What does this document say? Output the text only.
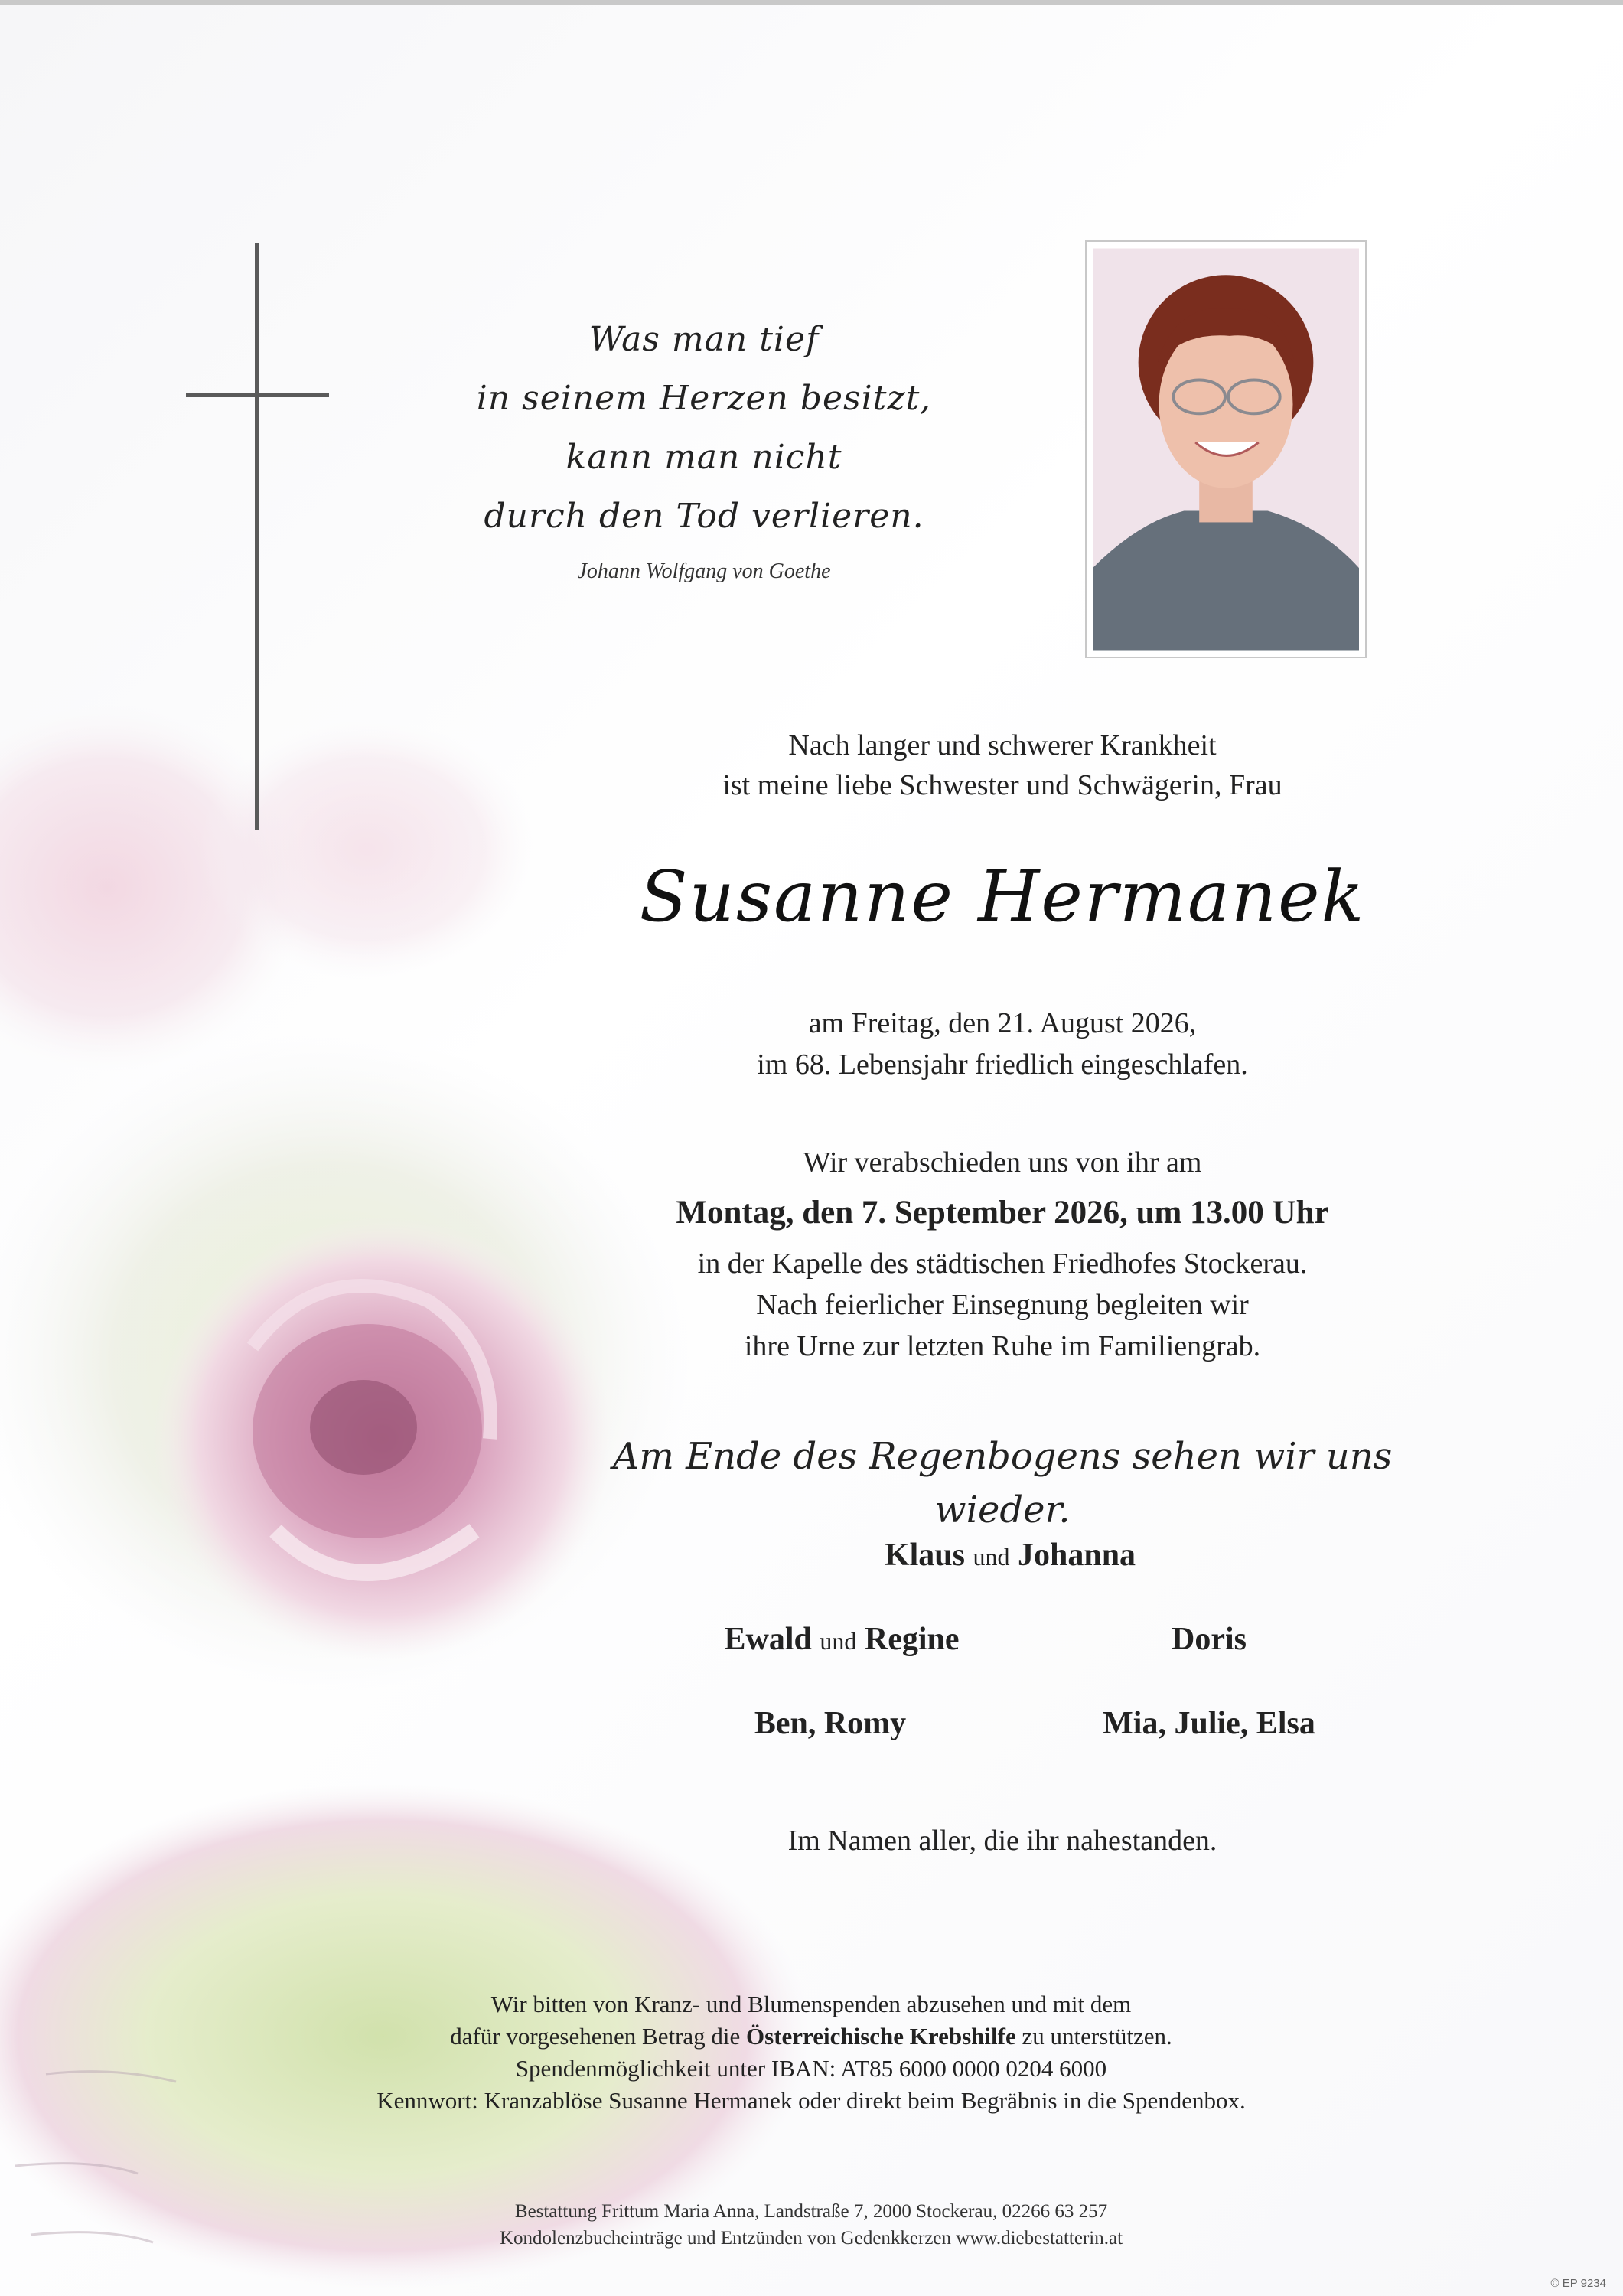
Was man tief
in seinem Herzen besitzt,
kann man nicht
durch den Tod verlieren.
Johann Wolfgang von Goethe
Nach langer und schwerer Krankheit
ist meine liebe Schwester und Schwägerin, Frau
Susanne Hermanek
am Freitag, den 21. August 2026,
im 68. Lebensjahr friedlich eingeschlafen.
Wir verabschieden uns von ihr am
Montag, den 7. September 2026, um 13.00 Uhr
in der Kapelle des städtischen Friedhofes Stockerau.
Nach feierlicher Einsegnung begleiten wir
ihre Urne zur letzten Ruhe im Familiengrab.
Am Ende des Regenbogens sehen wir uns wieder.
Klaus und Johanna
Ewald und Regine	Doris
Ben, Romy	Mia, Julie, Elsa
Im Namen aller, die ihr nahestanden.
Wir bitten von Kranz- und Blumenspenden abzusehen und mit dem
dafür vorgesehenen Betrag die Österreichische Krebshilfe zu unterstützen.
Spendenmöglichkeit unter IBAN: AT85 6000 0000 0204 6000
Kennwort: Kranzablöse Susanne Hermanek oder direkt beim Begräbnis in die Spendenbox.
Bestattung Frittum Maria Anna, Landstraße 7, 2000 Stockerau, 02266 63 257
Kondolenzbucheinträge und Entzünden von Gedenkkerzen www.diebestatterin.at
© EP 9234
